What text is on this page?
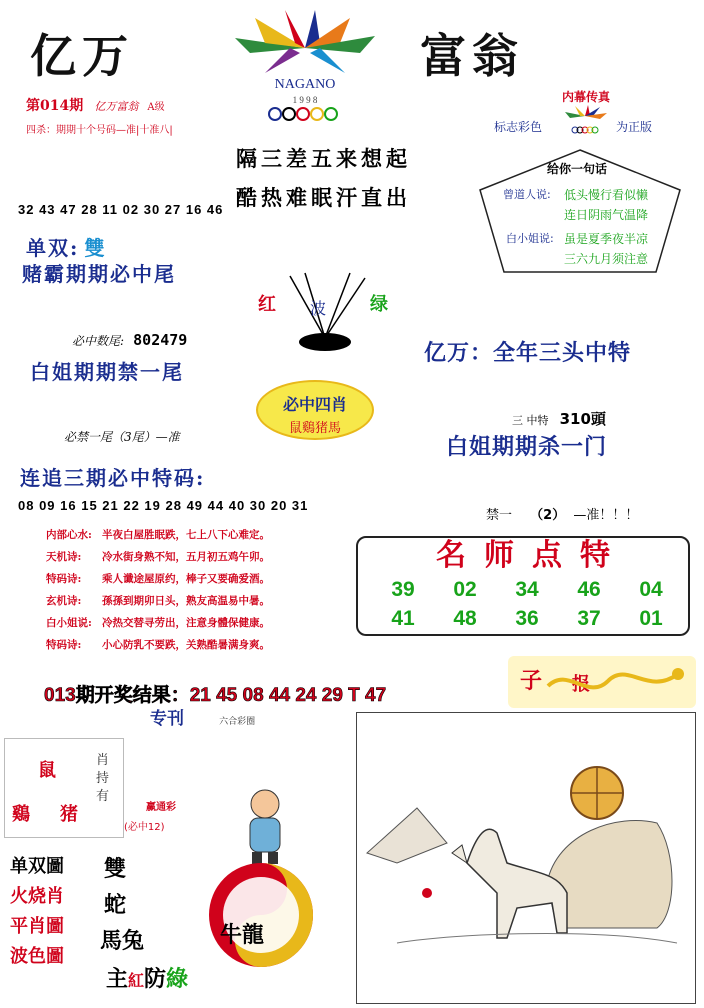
亿万	富翁
NAGANO
1 9 9 8
第014期 亿万富翁 A级
四杀：期期十个号码—准|十准八|
隔三差五来想起
酷热难眠汗直出
内幕传真
标志彩色	为正版
给你一句话
曾道人说: 低头慢行看似懒
连日阴雨气温降
白小姐说: 虽是夏季夜半凉
三六九月须注意
32 43 47 28 11 02 30 27 16 46
单双: 雙
赌霸期期必中尾
红 波 绿
必中数尾: 802479
白姐期期禁一尾
亿万：全年三头中特
必中四肖
鼠鷄猪馬
必禁一尾（3尾）—准
三 中特 310頭
白姐期期杀一门
连追三期必中特码:
08 09 16 15 21 22 19 28 49 44 40 30 20 31
禁一 （2） —准！！！
内部心水: 半夜白屋胜眠跌，七上八下心难定。
天机诗: 冷水街身熟不知，五月初五鸡午卯。
特码诗: 乘人谶途屋原约，棒子又要确爱酒。
玄机诗: 孫孫到期卯日头，熟友高温易中暑。
白小姐说: 冷热交替寻劳出，注意身體保健康。
特码诗: 小心防乳不要跌，关熟酷暑满身爽。
名师点特
39 02 34 46 04
41 48 36 37 01
013期开奖结果：21 45 08 44 24 29 T 47
专刊	六合彩圈
子 报
鼠
鷄 猪
肖持有
赢通彩
(必中12)
单双圖
火烧肖
平肖圖
波色圖
雙
蛇
馬兔
主紅防綠
牛龍
